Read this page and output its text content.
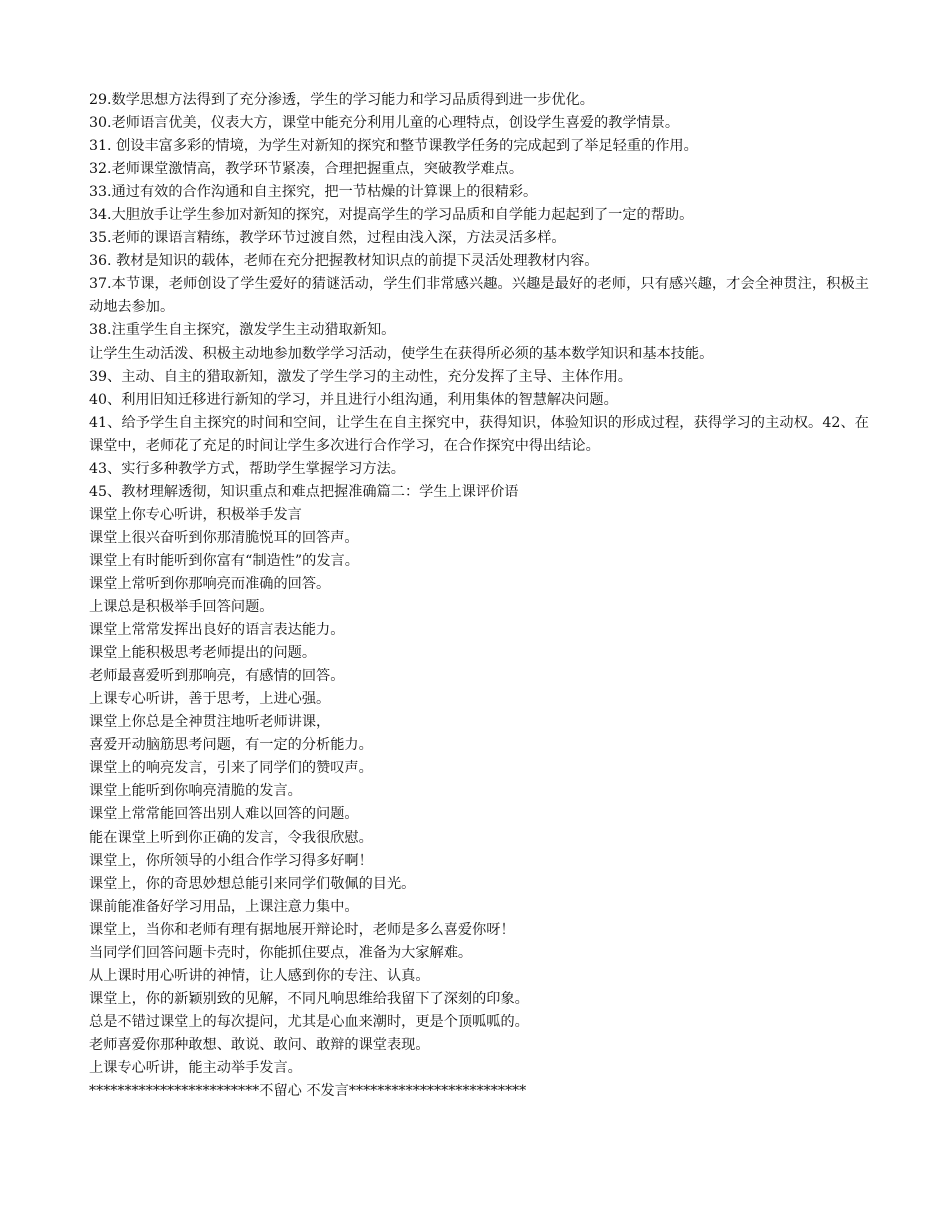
29.数学思想方法得到了充分渗透，学生的学习能力和学习品质得到进一步优化。
30.老师语言优美，仪表大方，课堂中能充分利用儿童的心理特点，创设学生喜爱的教学情景。
31. 创设丰富多彩的情境，为学生对新知的探究和整节课教学任务的完成起到了举足轻重的作用。
32.老师课堂激情高，教学环节紧凑，合理把握重点，突破教学难点。
33.通过有效的合作沟通和自主探究，把一节枯燥的计算课上的很精彩。
34.大胆放手让学生参加对新知的探究，对提高学生的学习品质和自学能力起起到了一定的帮助。
35.老师的课语言精练，教学环节过渡自然，过程由浅入深，方法灵活多样。
36. 教材是知识的载体，老师在充分把握教材知识点的前提下灵活处理教材内容。
37.本节课，老师创设了学生爱好的猜谜活动，学生们非常感兴趣。兴趣是最好的老师，只有感兴趣，才会全神贯注，积极主动地去参加。
38.注重学生自主探究，激发学生主动猎取新知。
让学生生动活泼、积极主动地参加数学学习活动，使学生在获得所必须的基本数学知识和基本技能。
39、主动、自主的猎取新知，激发了学生学习的主动性，充分发挥了主导、主体作用。
40、利用旧知迁移进行新知的学习，并且进行小组沟通，利用集体的智慧解决问题。
41、给予学生自主探究的时间和空间，让学生在自主探究中，获得知识，体验知识的形成过程，获得学习的主动权。42、在课堂中，老师花了充足的时间让学生多次进行合作学习，在合作探究中得出结论。
43、实行多种教学方式，帮助学生掌握学习方法。
45、教材理解透彻，知识重点和难点把握准确篇二：学生上课评价语
课堂上你专心听讲，积极举手发言
课堂上很兴奋听到你那清脆悦耳的回答声。
课堂上有时能听到你富有“制造性”的发言。
课堂上常听到你那响亮而准确的回答。
上课总是积极举手回答问题。
课堂上常常发挥出良好的语言表达能力。
课堂上能积极思考老师提出的问题。
老师最喜爱听到那响亮，有感情的回答。
上课专心听讲，善于思考，上进心强。
课堂上你总是全神贯注地听老师讲课，
喜爱开动脑筋思考问题，有一定的分析能力。
课堂上的响亮发言，引来了同学们的赞叹声。
课堂上能听到你响亮清脆的发言。
课堂上常常能回答出别人难以回答的问题。
能在课堂上听到你正确的发言，令我很欣慰。
课堂上，你所领导的小组合作学习得多好啊！
课堂上，你的奇思妙想总能引来同学们敬佩的目光。
课前能准备好学习用品，上课注意力集中。
课堂上，当你和老师有理有据地展开辩论时，老师是多么喜爱你呀！
当同学们回答问题卡壳时，你能抓住要点，准备为大家解难。
从上课时用心听讲的神情，让人感到你的专注、认真。
课堂上，你的新颖别致的见解，不同凡响思维给我留下了深刻的印象。
总是不错过课堂上的每次提问，尤其是心血来潮时，更是个顶呱呱的。
老师喜爱你那种敢想、敢说、敢问、敢辩的课堂表现。
上课专心听讲，能主动举手发言。
************************不留心 不发言*************************
